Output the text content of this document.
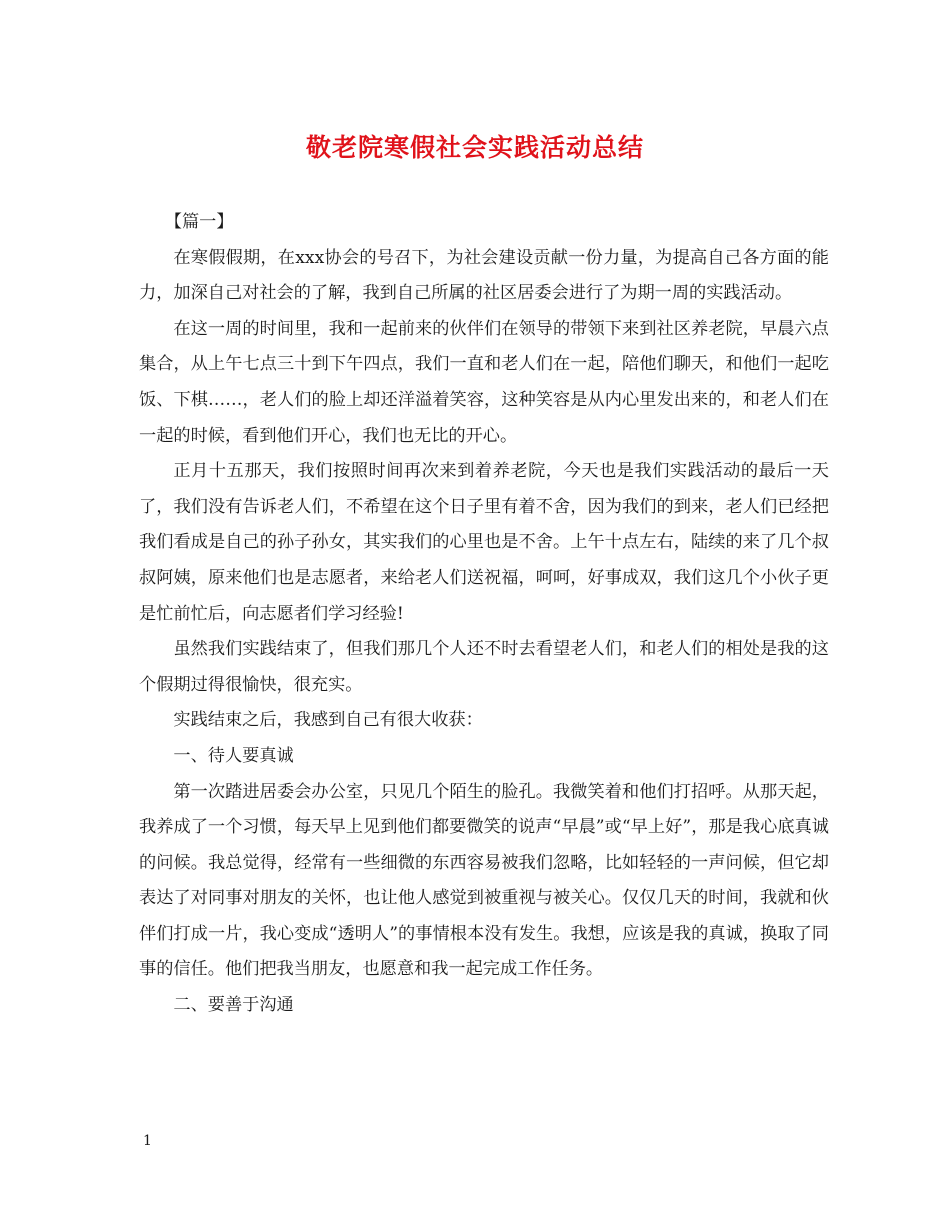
敬老院寒假社会实践活动总结

【篇一】

在寒假假期，在xxx协会的号召下，为社会建设贡献一份力量，为提高自己各方面的能力，加深自己对社会的了解，我到自己所属的社区居委会进行了为期一周的实践活动。

在这一周的时间里，我和一起前来的伙伴们在领导的带领下来到社区养老院，早晨六点集合，从上午七点三十到下午四点，我们一直和老人们在一起，陪他们聊天，和他们一起吃饭、下棋……，老人们的脸上却还洋溢着笑容，这种笑容是从内心里发出来的，和老人们在一起的时候，看到他们开心，我们也无比的开心。

正月十五那天，我们按照时间再次来到着养老院，今天也是我们实践活动的最后一天了，我们没有告诉老人们，不希望在这个日子里有着不舍，因为我们的到来，老人们已经把我们看成是自己的孙子孙女，其实我们的心里也是不舍。上午十点左右，陆续的来了几个叔叔阿姨，原来他们也是志愿者，来给老人们送祝福，呵呵，好事成双，我们这几个小伙子更是忙前忙后，向志愿者们学习经验!

虽然我们实践结束了，但我们那几个人还不时去看望老人们，和老人们的相处是我的这个假期过得很愉快，很充实。

实践结束之后，我感到自己有很大收获：

一、待人要真诚

第一次踏进居委会办公室，只见几个陌生的脸孔。我微笑着和他们打招呼。从那天起，我养成了一个习惯，每天早上见到他们都要微笑的说声“早晨”或“早上好”，那是我心底真诚的问候。我总觉得，经常有一些细微的东西容易被我们忽略，比如轻轻的一声问候，但它却表达了对同事对朋友的关怀，也让他人感觉到被重视与被关心。仅仅几天的时间，我就和伙伴们打成一片，我心变成“透明人”的事情根本没有发生。我想，应该是我的真诚，换取了同事的信任。他们把我当朋友，也愿意和我一起完成工作任务。

二、要善于沟通

1
